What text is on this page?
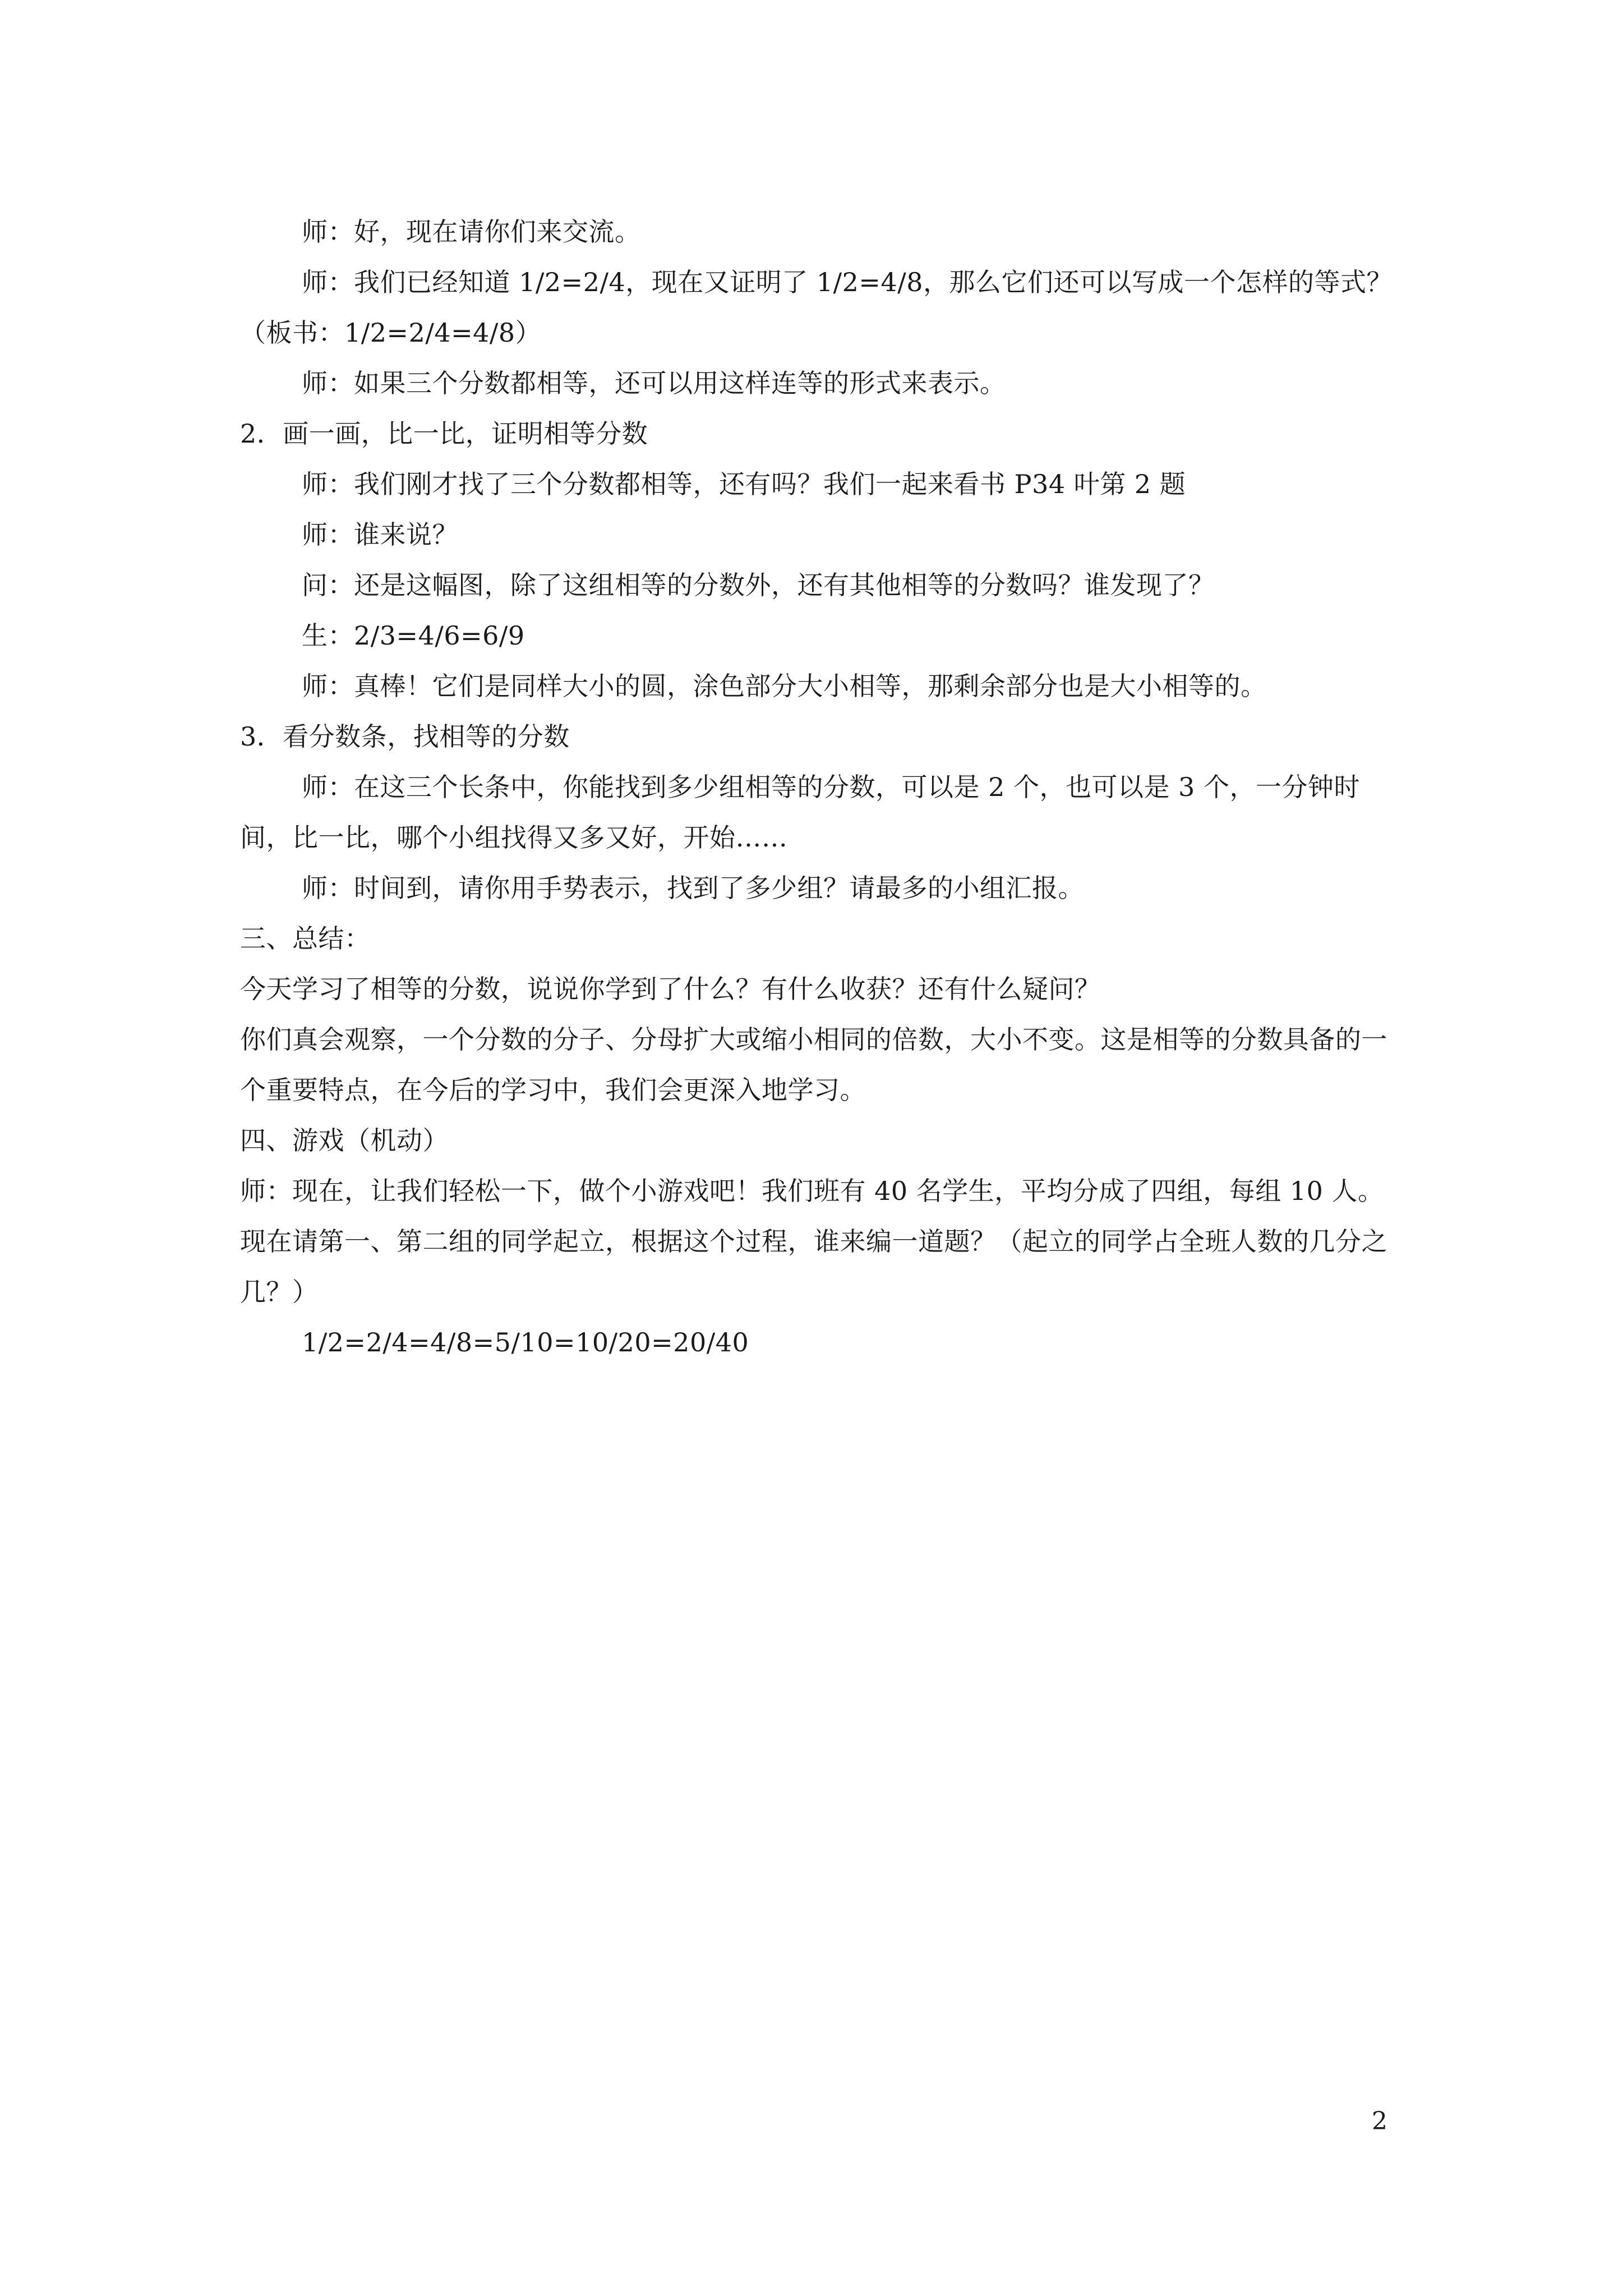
师：好，现在请你们来交流。

师：我们已经知道 1/2=2/4，现在又证明了 1/2=4/8，那么它们还可以写成一个怎样的等式？（板书：1/2=2/4=4/8）

师：如果三个分数都相等，还可以用这样连等的形式来表示。

2．画一画，比一比，证明相等分数

师：我们刚才找了三个分数都相等，还有吗？我们一起来看书 P34 叶第 2 题

师：谁来说？

问：还是这幅图，除了这组相等的分数外，还有其他相等的分数吗？谁发现了？

生：2/3=4/6=6/9

师：真棒！它们是同样大小的圆，涂色部分大小相等，那剩余部分也是大小相等的。

3．看分数条，找相等的分数

师：在这三个长条中，你能找到多少组相等的分数，可以是 2 个，也可以是 3 个，一分钟时间，比一比，哪个小组找得又多又好，开始……

师：时间到，请你用手势表示，找到了多少组？请最多的小组汇报。

三、总结：

今天学习了相等的分数，说说你学到了什么？有什么收获？还有什么疑问？

你们真会观察，一个分数的分子、分母扩大或缩小相同的倍数，大小不变。这是相等的分数具备的一个重要特点，在今后的学习中，我们会更深入地学习。

四、游戏（机动）

师：现在，让我们轻松一下，做个小游戏吧！我们班有 40 名学生，平均分成了四组，每组 10 人。现在请第一、第二组的同学起立，根据这个过程，谁来编一道题？（起立的同学占全班人数的几分之几？）

1/2=2/4=4/8=5/10=10/20=20/40

2
